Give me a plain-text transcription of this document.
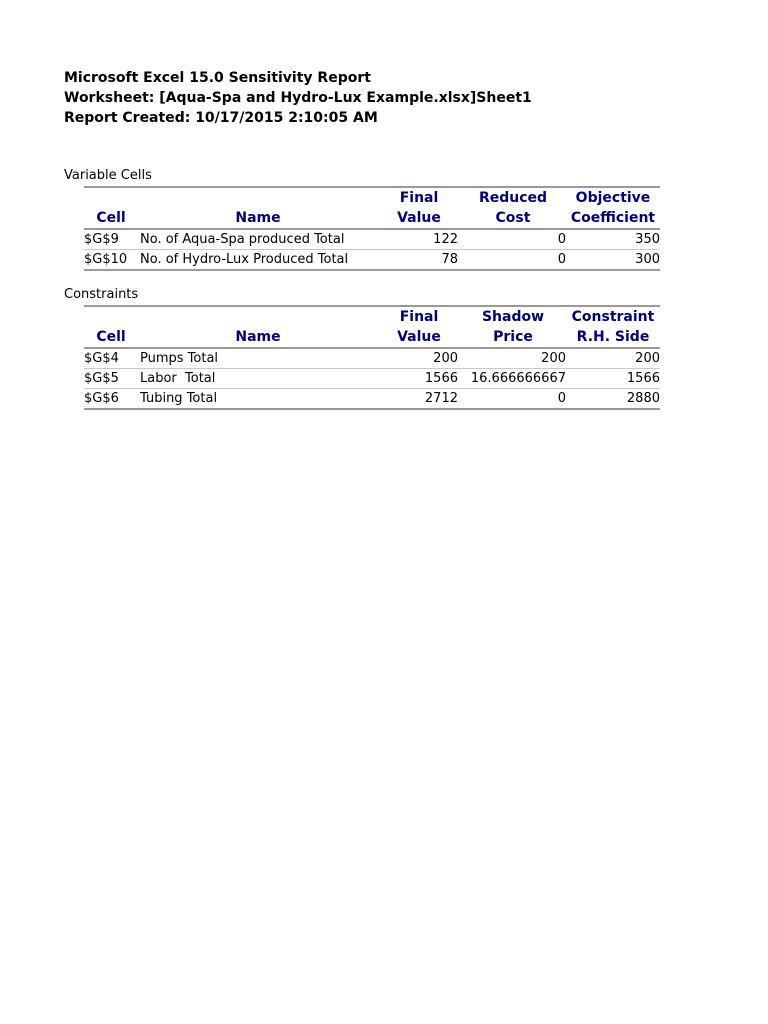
Microsoft Excel 15.0 Sensitivity Report
Worksheet: [Aqua-Spa and Hydro-Lux Example.xlsx]Sheet1
Report Created: 10/17/2015 2:10:05 AM
Variable Cells
		Final	Reduced	Objective
Cell	Name	Value	Cost	Coefficient
$G$9	No. of Aqua-Spa produced Total	122	0	350
$G$10	No. of Hydro-Lux Produced Total	78	0	300
Constraints
		Final	Shadow	Constraint
Cell	Name	Value	Price	R.H. Side
$G$4	Pumps Total	200	200	200
$G$5	Labor  Total	1566	16.666666667	1566
$G$6	Tubing Total	2712	0	2880
